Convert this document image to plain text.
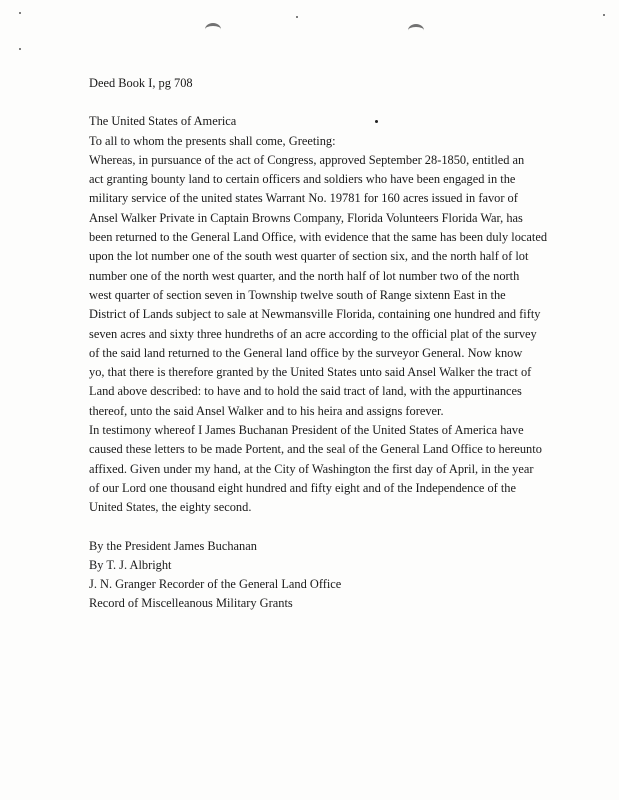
Deed Book I, pg 708
The United States of America
To all to whom the presents shall come, Greeting:
Whereas, in pursuance of the act of Congress, approved September 28-1850, entitled an
act granting bounty land to certain officers and soldiers who have been engaged in the
military service of the united states Warrant No. 19781 for 160 acres issued in favor of
Ansel Walker Private in Captain Browns Company, Florida Volunteers Florida War, has
been returned to the General Land Office, with evidence that the same has been duly located
upon the lot number one of the south west quarter of section six, and the north half of lot
number one of the north west quarter, and the north half of lot number two of the north
west quarter of section seven in Township twelve south of Range sixtenn East in the
District of Lands subject to sale at Newmansville Florida, containing one hundred and fifty
seven acres and sixty three hundreths of an acre according to the official plat of the survey
of the said land returned to the General land office by the surveyor General. Now know
yo, that there is therefore granted by the United States unto said Ansel Walker the tract of
Land above described: to have and to hold the said tract of land, with the appurtinances
thereof, unto the said Ansel Walker and to his heira and assigns forever.
In testimony whereof I James Buchanan President of the United States of America have
caused these letters to be made Portent, and the seal of the General Land Office to hereunto
affixed. Given under my hand, at the City of Washington the first day of April, in the year
of our Lord one thousand eight hundred and fifty eight and of the Independence of the
United States, the eighty second.
By the President James Buchanan
By T. J. Albright
J. N. Granger Recorder of the General Land Office
Record of Miscelleanous Military Grants
